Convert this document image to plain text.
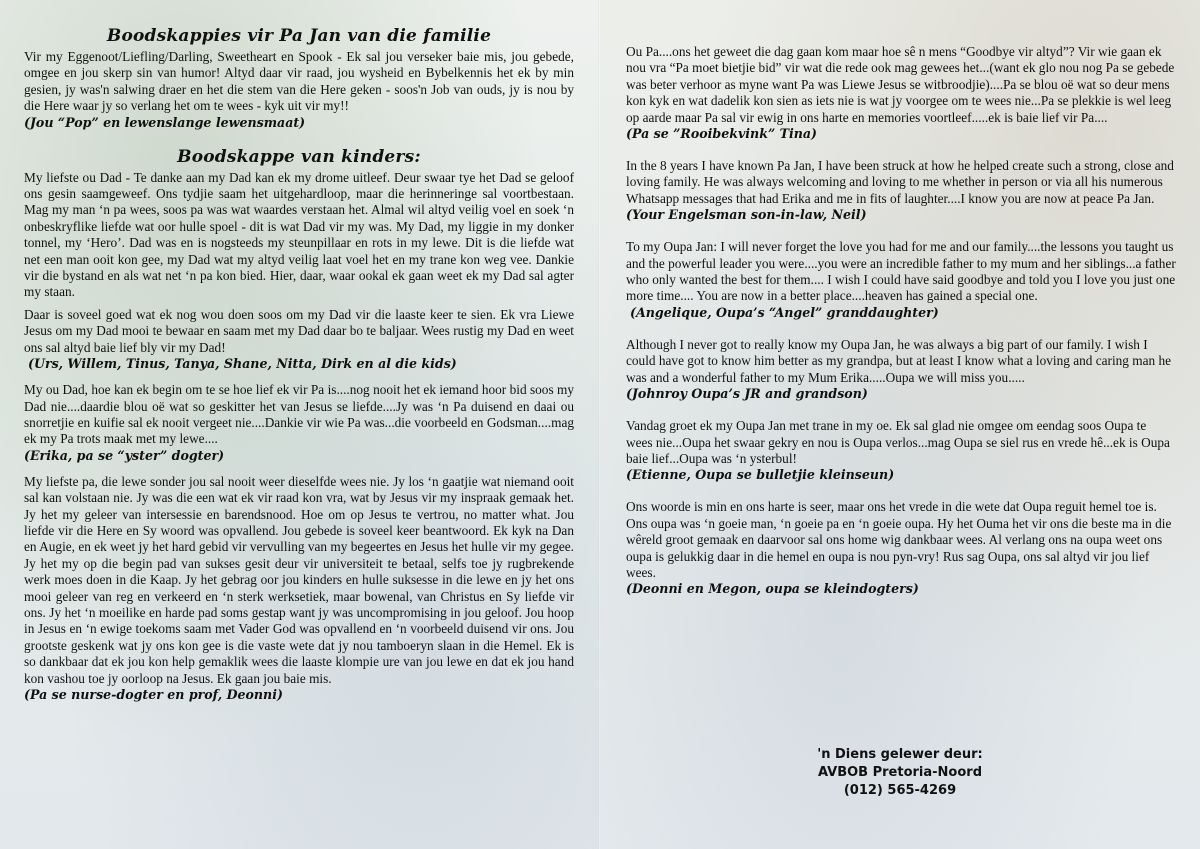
Boodskappies vir Pa Jan van die familie

Vir my Eggenoot/Liefling/Darling, Sweetheart en Spook - Ek sal jou verseker baie mis, jou gebede, omgee en jou skerp sin van humor! Altyd daar vir raad, jou wysheid en Bybelkennis het ek by min gesien, jy was'n salwing draer en het die stem van die Here geken - soos'n Job van ouds, jy is nou by die Here waar jy so verlang het om te wees - kyk uit vir my!!

(Jou “Pop” en lewenslange lewensmaat)

Boodskappe van kinders:

My liefste ou Dad - Te danke aan my Dad kan ek my drome uitleef. Deur swaar tye het Dad se geloof ons gesin saamgeweef. Ons tydjie saam het uitgehardloop, maar die herinneringe sal voortbestaan. Mag my man ‘n pa wees, soos pa was wat waardes verstaan het. Almal wil altyd veilig voel en soek ‘n onbeskryflike liefde wat oor hulle spoel - dit is wat Dad vir my was. My Dad, my liggie in my donker tonnel, my ‘Hero’. Dad was en is nogsteeds my steunpillaar en rots in my lewe. Dit is die liefde wat net een man ooit kon gee, my Dad wat my altyd veilig laat voel het en my trane kon weg vee. Dankie vir die bystand en als wat net ‘n pa kon bied. Hier, daar, waar ookal ek gaan weet ek my Dad sal agter my staan.

Daar is soveel goed wat ek nog wou doen soos om my Dad vir die laaste keer te sien. Ek vra Liewe Jesus om my Dad mooi te bewaar en saam met my Dad daar bo te baljaar. Wees rustig my Dad en weet ons sal altyd baie lief bly vir my Dad!

(Urs, Willem, Tinus, Tanya, Shane, Nitta, Dirk en al die kids)

My ou Dad, hoe kan ek begin om te se hoe lief ek vir Pa is....nog nooit het ek iemand hoor bid soos my Dad nie....daardie blou oë wat so geskitter het van Jesus se liefde....Jy was ‘n Pa duisend en daai ou snorretjie en kuifie sal ek nooit vergeet nie....Dankie vir wie Pa was...die voorbeeld en Godsman....mag ek my Pa trots maak met my lewe....

(Erika, pa se “yster” dogter)

My liefste pa, die lewe sonder jou sal nooit weer dieselfde wees nie. Jy los ‘n gaatjie wat niemand ooit sal kan volstaan nie. Jy was die een wat ek vir raad kon vra, wat by Jesus vir my inspraak gemaak het. Jy het my geleer van intersessie en barendsnood. Hoe om op Jesus te vertrou, no matter what. Jou liefde vir die Here en Sy woord was opvallend. Jou gebede is soveel keer beantwoord. Ek kyk na Dan en Augie, en ek weet jy het hard gebid vir vervulling van my begeertes en Jesus het hulle vir my gegee. Jy het my op die begin pad van sukses gesit deur vir universiteit te betaal, selfs toe jy rugbrekende werk moes doen in die Kaap. Jy het gebrag oor jou kinders en hulle suksesse in die lewe en jy het ons mooi geleer van reg en verkeerd en ‘n sterk werksetiek, maar bowenal, van Christus en Sy liefde vir ons. Jy het ‘n moeilike en harde pad soms gestap want jy was uncompromising in jou geloof. Jou hoop in Jesus en ‘n ewige toekoms saam met Vader God was opvallend en ‘n voorbeeld duisend vir ons. Jou grootste geskenk wat jy ons kon gee is die vaste wete dat jy nou tamboeryn slaan in die Hemel. Ek is so dankbaar dat ek jou kon help gemaklik wees die laaste klompie ure van jou lewe en dat ek jou hand kon vashou toe jy oorloop na Jesus. Ek gaan jou baie mis.

(Pa se nurse-dogter en prof, Deonni)

Ou Pa....ons het geweet die dag gaan kom maar hoe sê n mens “Goodbye vir altyd”? Vir wie gaan ek nou vra “Pa moet bietjie bid” vir wat die rede ook mag gewees het...(want ek glo nou nog Pa se gebede was beter verhoor as myne want Pa was Liewe Jesus se witbroodjie)....Pa se blou oë wat so deur mens kon kyk en wat dadelik kon sien as iets nie is wat jy voorgee om te wees nie...Pa se plekkie is wel leeg op aarde maar Pa sal vir ewig in ons harte en memories voortleef.....ek is baie lief vir Pa....

(Pa se ”Rooibekvink” Tina)

In the 8 years I have known Pa Jan, I have been struck at how he helped create such a strong, close and loving family. He was always welcoming and loving to me whether in person or via all his numerous Whatsapp messages that had Erika and me in fits of laughter....I know you are now at peace Pa Jan.

(Your Engelsman son-in-law, Neil)

To my Oupa Jan: I will never forget the love you had for me and our family....the lessons you taught us and the powerful leader you were....you were an incredible father to my mum and her siblings...a father who only wanted the best for them.... I wish I could have said goodbye and told you I love you just one more time.... You are now in a better place....heaven has gained a special one.

(Angelique, Oupa’s “Angel” granddaughter)

Although I never got to really know my Oupa Jan, he was always a big part of our family. I wish I could have got to know him better as my grandpa, but at least I know what a loving and caring man he was and a wonderful father to my Mum Erika.....Oupa we will miss you.....

(Johnroy Oupa’s JR and grandson)

Vandag groet ek my Oupa Jan met trane in my oe. Ek sal glad nie omgee om eendag soos Oupa te wees nie...Oupa het swaar gekry en nou is Oupa verlos...mag Oupa se siel rus en vrede hê...ek is Oupa baie lief...Oupa was ‘n ysterbul!

(Etienne, Oupa se bulletjie kleinseun)

Ons woorde is min en ons harte is seer, maar ons het vrede in die wete dat Oupa reguit hemel toe is. Ons oupa was ‘n goeie man, ‘n goeie pa en ‘n goeie oupa. Hy het Ouma het vir ons die beste ma in die wêreld groot gemaak en daarvoor sal ons home wig dankbaar wees. Al verlang ons na oupa weet ons oupa is gelukkig daar in die hemel en oupa is nou pyn-vry! Rus sag Oupa, ons sal altyd vir jou lief wees.

(Deonni en Megon, oupa se kleindogters)

'n Diens gelewer deur:
AVBOB Pretoria-Noord
(012) 565-4269
